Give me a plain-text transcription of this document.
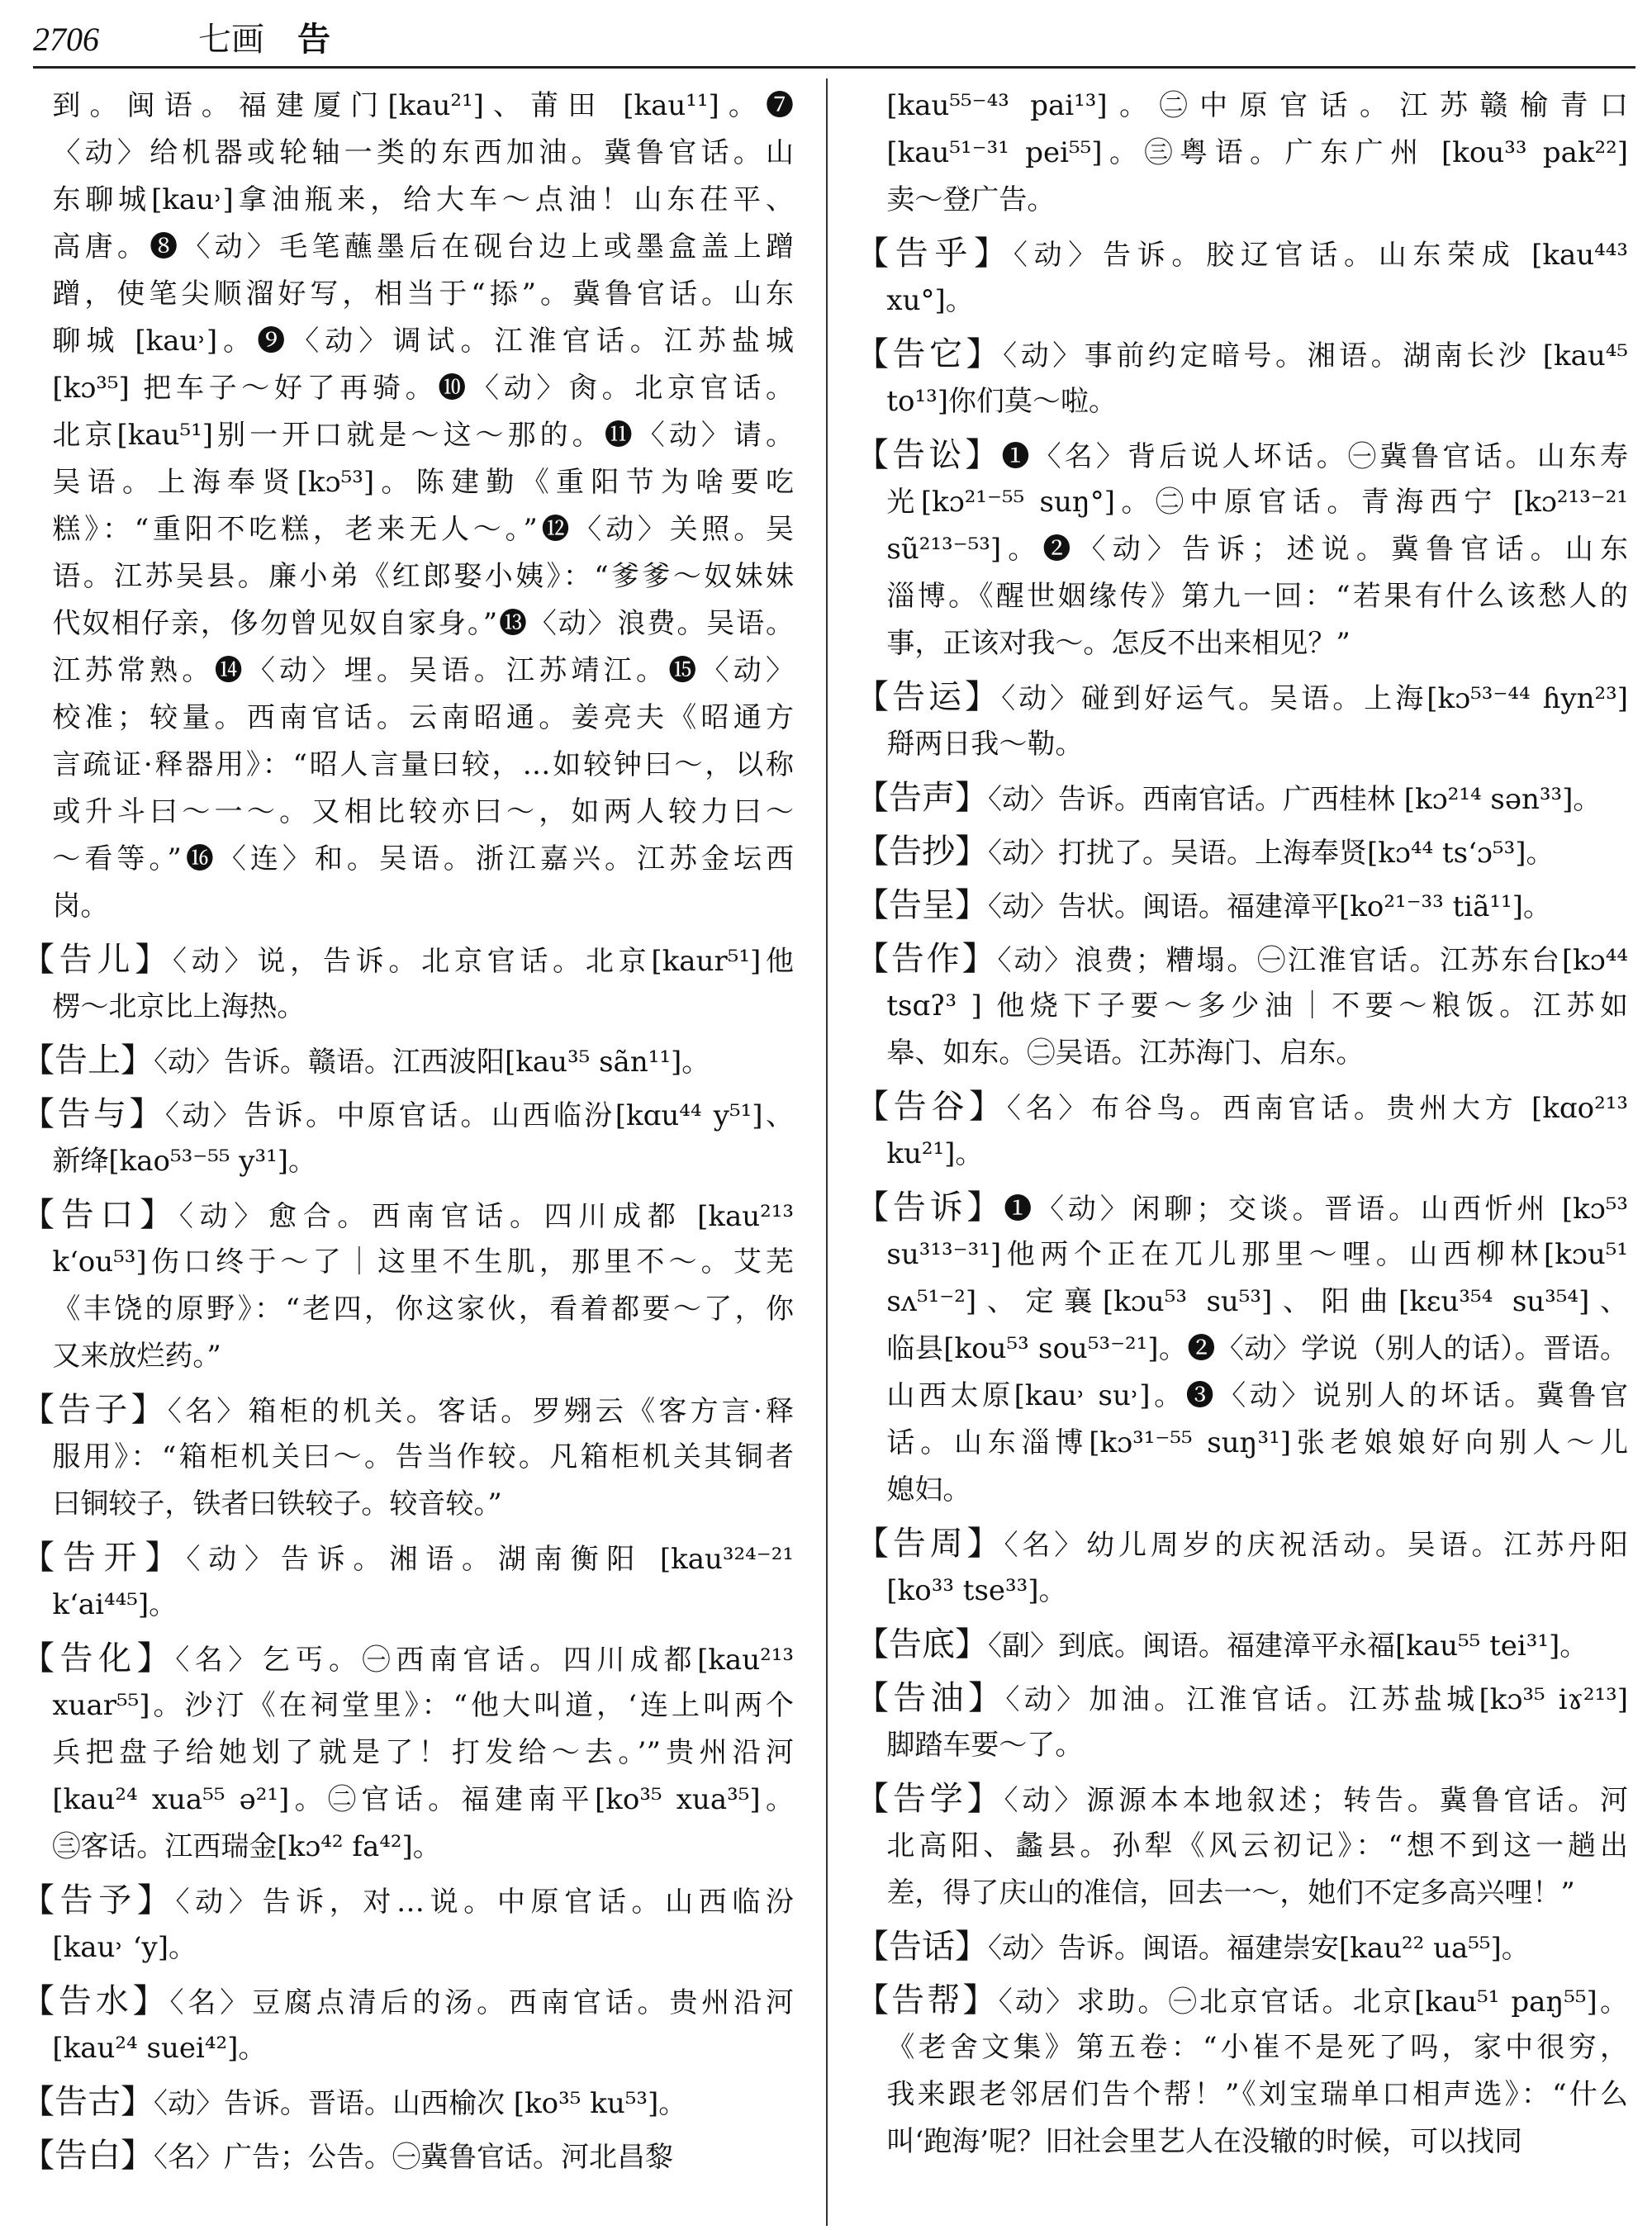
2706	七画 告
到。闽语。福建厦门[kau²¹]、莆田 [kau¹¹]。❼
〈动〉给机器或轮轴一类的东西加油。冀鲁官话。山
东聊城[kau˒]拿油瓶来，给大车～点油！山东茌平、
高唐。❽〈动〉毛笔蘸墨后在砚台边上或墨盒盖上蹭
蹭，使笔尖顺溜好写，相当于“掭”。冀鲁官话。山东
聊城 [kau˒]。❾〈动〉调试。江淮官话。江苏盐城
[kɔ³⁵] 把车子～好了再骑。❿〈动〉肏。北京官话。
北京[kau⁵¹]别一开口就是～这～那的。⓫〈动〉请。
吴语。上海奉贤[kɔ⁵³]。陈建勤《重阳节为啥要吃
糕》：“重阳不吃糕，老来无人～。”⓬〈动〉关照。吴
语。江苏吴县。廉小弟《红郎娶小姨》：“爹爹～奴妹妹
代奴相仔亲，侈勿曾见奴自家身。”⓭〈动〉浪费。吴语。
江苏常熟。⓮〈动〉埋。吴语。江苏靖江。⓯〈动〉
校准；较量。西南官话。云南昭通。姜亮夫《昭通方
言疏证·释器用》：“昭人言量曰较，…如较钟曰～，以称
或升斗曰～一～。又相比较亦曰～，如两人较力曰～
～看等。”⓰〈连〉和。吴语。浙江嘉兴。江苏金坛西
岗。
【告儿】〈动〉说，告诉。北京官话。北京[kaur⁵¹]他
楞～北京比上海热。
【告上】〈动〉告诉。赣语。江西波阳[kau³⁵ sãn¹¹]。
【告与】〈动〉告诉。中原官话。山西临汾[kɑu⁴⁴ y⁵¹]、
新绛[kao⁵³⁻⁵⁵ y³¹]。
【告口】〈动〉愈合。西南官话。四川成都 [kau²¹³
k‘ou⁵³]伤口终于～了｜这里不生肌，那里不～。艾芜
《丰饶的原野》：“老四，你这家伙，看着都要～了，你
又来放烂药。”
【告子】〈名〉箱柜的机关。客话。罗翙云《客方言·释
服用》：“箱柜机关曰～。告当作较。凡箱柜机关其铜者
曰铜较子，铁者曰铁较子。较音较。”
【告开】〈动〉告诉。湘语。湖南衡阳 [kau³²⁴⁻²¹
k‘ai⁴⁴⁵]。
【告化】〈名〉乞丐。㊀西南官话。四川成都[kau²¹³
xuar⁵⁵]。沙汀《在祠堂里》：“他大叫道，‘连上叫两个
兵把盘子给她划了就是了！打发给～去。’”贵州沿河
[kau²⁴ xua⁵⁵ ə²¹]。㊁官话。福建南平[ko³⁵ xua³⁵]。
㊂客话。江西瑞金[kɔ⁴² fa⁴²]。
【告予】〈动〉告诉，对…说。中原官话。山西临汾
[kau˒ ʻy]。
【告水】〈名〉豆腐点清后的汤。西南官话。贵州沿河
[kau²⁴ suei⁴²]。
【告古】〈动〉告诉。晋语。山西榆次 [ko³⁵ ku⁵³]。
【告白】〈名〉广告；公告。㊀冀鲁官话。河北昌黎
[kau⁵⁵⁻⁴³ pai¹³]。㊁中原官话。江苏赣榆青口
[kau⁵¹⁻³¹ pei⁵⁵]。㊂粤语。广东广州 [kou³³ pak²²]
卖～登广告。
【告乎】〈动〉告诉。胶辽官话。山东荣成 [kau⁴⁴³
xu°]。
【告它】〈动〉事前约定暗号。湘语。湖南长沙 [kau⁴⁵
to¹³]你们莫～啦。
【告讼】❶〈名〉背后说人坏话。㊀冀鲁官话。山东寿
光[kɔ²¹⁻⁵⁵ suŋ°]。㊁中原官话。青海西宁 [kɔ²¹³⁻²¹
sũ²¹³⁻⁵³]。❷〈动〉告诉；述说。冀鲁官话。山东
淄博。《醒世姻缘传》第九一回：“若果有什么该愁人的
事，正该对我～。怎反不出来相见？”
【告运】〈动〉碰到好运气。吴语。上海[kɔ⁵³⁻⁴⁴ ɦyn²³]
搿两日我～勒。
【告声】〈动〉告诉。西南官话。广西桂林 [kɔ²¹⁴ sən³³]。
【告抄】〈动〉打扰了。吴语。上海奉贤[kɔ⁴⁴ ts‘ɔ⁵³]。
【告呈】〈动〉告状。闽语。福建漳平[ko²¹⁻³³ tiã¹¹]。
【告作】〈动〉浪费；糟塌。㊀江淮官话。江苏东台[kɔ⁴⁴
tsɑʔ³ ] 他烧下子要～多少油｜不要～粮饭。江苏如
皋、如东。㊁吴语。江苏海门、启东。
【告谷】〈名〉布谷鸟。西南官话。贵州大方 [kɑo²¹³
ku²¹]。
【告诉】❶〈动〉闲聊；交谈。晋语。山西忻州 [kɔ⁵³
su³¹³⁻³¹]他两个正在兀儿那里～哩。山西柳林[kɔu⁵¹
sʌ⁵¹⁻²]、定襄[kɔu⁵³ su⁵³]、阳曲[kɛu³⁵⁴ su³⁵⁴]、
临县[kou⁵³ sou⁵³⁻²¹]。❷〈动〉学说（别人的话）。晋语。
山西太原[kau˒ su˒]。❸〈动〉说别人的坏话。冀鲁官
话。山东淄博[kɔ³¹⁻⁵⁵ suŋ³¹]张老娘娘好向别人～儿
媳妇。
【告周】〈名〉幼儿周岁的庆祝活动。吴语。江苏丹阳
[ko³³ tse³³]。
【告底】〈副〉到底。闽语。福建漳平永福[kau⁵⁵ tei³¹]。
【告油】〈动〉加油。江淮官话。江苏盐城[kɔ³⁵ iɤ²¹³]
脚踏车要～了。
【告学】〈动〉源源本本地叙述；转告。冀鲁官话。河
北高阳、蠡县。孙犁《风云初记》：“想不到这一趟出
差，得了庆山的准信，回去一～，她们不定多高兴哩！”
【告话】〈动〉告诉。闽语。福建崇安[kau²² ua⁵⁵]。
【告帮】〈动〉求助。㊀北京官话。北京[kau⁵¹ paŋ⁵⁵]。
《老舍文集》第五卷：“小崔不是死了吗，家中很穷，
我来跟老邻居们告个帮！”《刘宝瑞单口相声选》：“什么
叫‘跑海’呢？旧社会里艺人在没辙的时候，可以找同
